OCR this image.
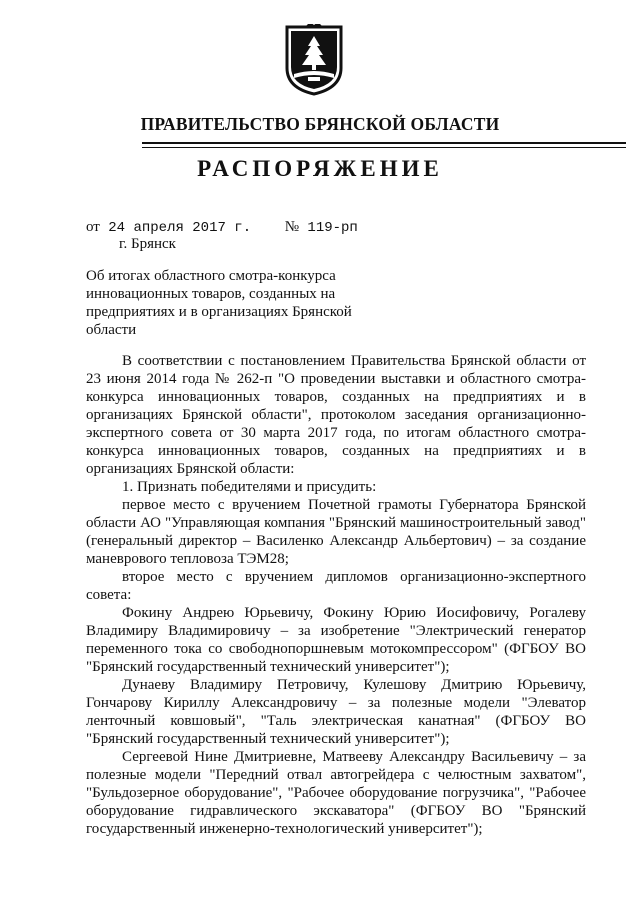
ПРАВИТЕЛЬСТВО БРЯНСКОЙ ОБЛАСТИ
РАСПОРЯЖЕНИЕ
от 24 апреля 2017 г. № 119-рп
г. Брянск
Об итогах областного смотра-конкурса инновационных товаров, созданных на предприятиях и в организациях Брянской области

В соответствии с постановлением Правительства Брянской области от 23 июня 2014 года № 262-п "О проведении выставки и областного смотра-конкурса инновационных товаров, созданных на предприятиях и в организациях Брянской области", протоколом заседания организационно-экспертного совета от 30 марта 2017 года, по итогам областного смотра-конкурса инновационных товаров, созданных на предприятиях и в организациях Брянской области:

1. Признать победителями и присудить:

первое место с вручением Почетной грамоты Губернатора Брянской области АО "Управляющая компания "Брянский машиностроительный завод" (генеральный директор – Василенко Александр Альбертович) – за создание маневрового тепловоза ТЭМ28;

второе место с вручением дипломов организационно-экспертного совета:

Фокину Андрею Юрьевичу, Фокину Юрию Иосифовичу, Рогалеву Владимиру Владимировичу – за изобретение "Электрический генератор переменного тока со свободнопоршневым мотокомпрессором" (ФГБОУ ВО "Брянский государственный технический университет");

Дунаеву Владимиру Петровичу, Кулешову Дмитрию Юрьевичу, Гончарову Кириллу Александровичу – за полезные модели "Элеватор ленточный ковшовый", "Таль электрическая канатная" (ФГБОУ ВО "Брянский государственный технический университет");

Сергеевой Нине Дмитриевне, Матвееву Александру Васильевичу – за полезные модели "Передний отвал автогрейдера с челюстным захватом", "Бульдозерное оборудование", "Рабочее оборудование погрузчика", "Рабочее оборудование гидравлического экскаватора" (ФГБОУ ВО "Брянский государственный инженерно-технологический университет");
